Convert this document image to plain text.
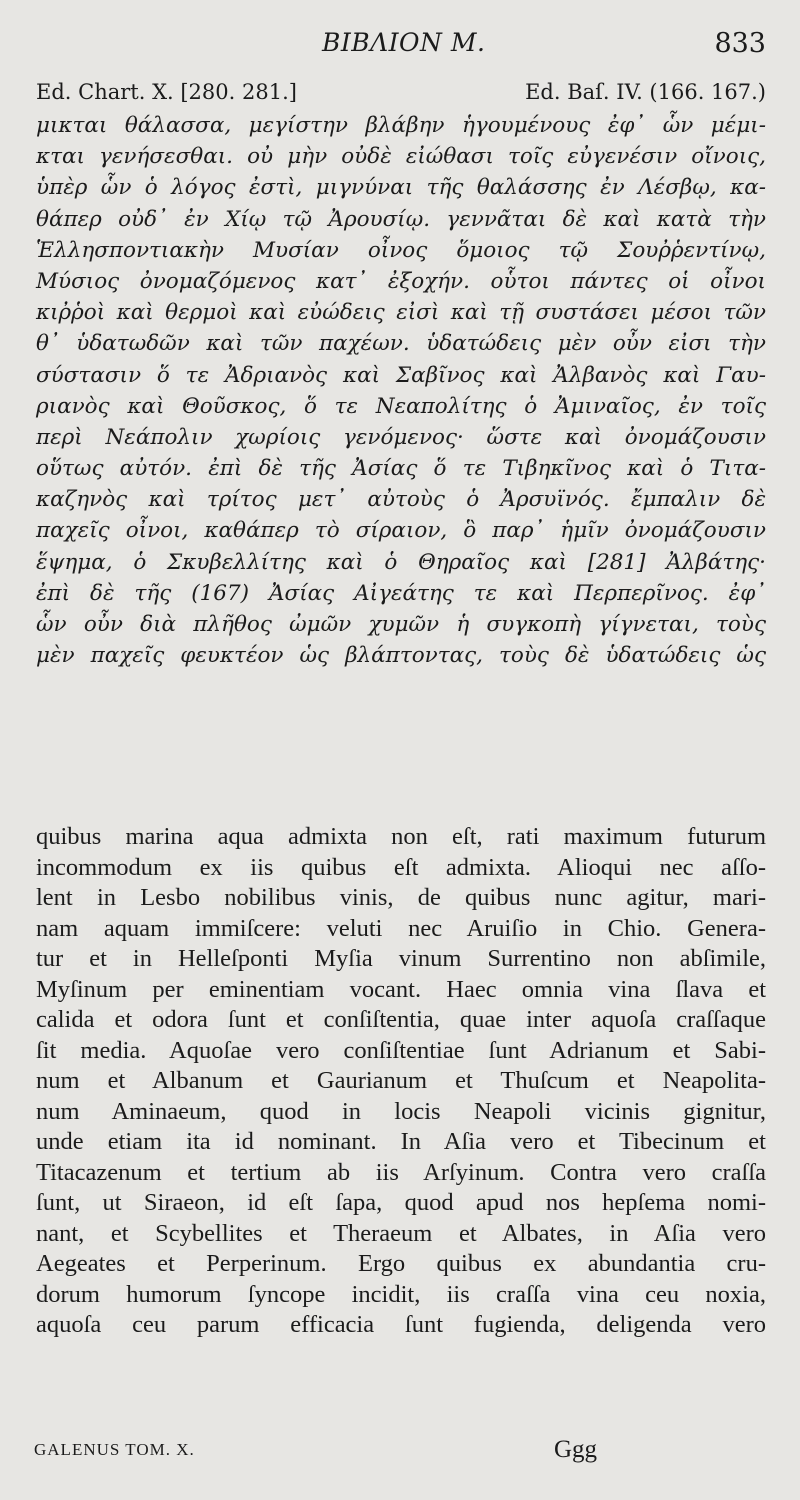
ΒΙΒΛΙΟΝ Μ.	833
Ed. Chart. X. [280. 281.]	Ed. Baſ. IV. (166. 167.)
μικται θάλασσα, μεγίστην βλάβην ἡγουμένους ἐφ᾽ ὧν μέμι-
κται γενήσεσθαι. οὐ μὴν οὐδὲ εἰώθασι τοῖς εὐγενέσιν οἴνοις,
ὑπὲρ ὧν ὁ λόγος ἐστὶ, μιγνύναι τῆς θαλάσσης ἐν Λέσβῳ, κα-
θάπερ οὐδ᾽ ἐν Χίῳ τῷ Ἀρουσίῳ. γεννᾶται δὲ καὶ κατὰ τὴν
Ἑλλησποντιακὴν Μυσίαν οἶνος ὅμοιος τῷ Σουῤῥεντίνῳ,
Μύσιος ὀνομαζόμενος κατ᾽ ἐξοχήν. οὗτοι πάντες οἱ οἶνοι
κιῤῥοὶ καὶ θερμοὶ καὶ εὐώδεις εἰσὶ καὶ τῇ συστάσει μέσοι τῶν
θ᾽ ὑδατωδῶν καὶ τῶν παχέων. ὑδατώδεις μὲν οὖν εἰσι τὴν
σύστασιν ὅ τε Ἀδριανὸς καὶ Σαβῖνος καὶ Ἀλβανὸς καὶ Γαυ-
ριανὸς καὶ Θοῦσκος, ὅ τε Νεαπολίτης ὁ Ἀμιναῖος, ἐν τοῖς
περὶ Νεάπολιν χωρίοις γενόμενος· ὥστε καὶ ὀνομάζουσιν
οὕτως αὐτόν. ἐπὶ δὲ τῆς Ἀσίας ὅ τε Τιβηκῖνος καὶ ὁ Τιτα-
καζηνὸς καὶ τρίτος μετ᾽ αὐτοὺς ὁ Ἀρσυϊνός. ἔμπαλιν δὲ
παχεῖς οἶνοι, καθάπερ τὸ σίραιον, ὃ παρ᾽ ἡμῖν ὀνομάζουσιν
ἕψημα, ὁ Σκυβελλίτης καὶ ὁ Θηραῖος καὶ [281] Ἀλβάτης·
ἐπὶ δὲ τῆς (167) Ἀσίας Αἰγεάτης τε καὶ Περπερῖνος. ἐφ᾽
ὧν οὖν διὰ πλῆθος ὠμῶν χυμῶν ἡ συγκοπὴ γίγνεται, τοὺς
μὲν παχεῖς φευκτέον ὡς βλάπτοντας, τοὺς δὲ ὑδατώδεις ὡς
quibus marina aqua admixta non eſt, rati maximum futurum
incommodum ex iis quibus eſt admixta. Alioqui nec aſſo-
lent in Lesbo nobilibus vinis, de quibus nunc agitur, mari-
nam aquam immiſcere: veluti nec Aruiſio in Chio. Genera-
tur et in Helleſponti Myſia vinum Surrentino non abſimile,
Myſinum per eminentiam vocant. Haec omnia vina ſlava et
calida et odora ſunt et conſiſtentia, quae inter aquoſa craſſaque
ſit media. Aquoſae vero conſiſtentiae ſunt Adrianum et Sabi-
num et Albanum et Gaurianum et Thuſcum et Neapolita-
num Aminaeum, quod in locis Neapoli vicinis gignitur,
unde etiam ita id nominant. In Aſia vero et Tibecinum et
Titacazenum et tertium ab iis Arſyinum. Contra vero craſſa
ſunt, ut Siraeon, id eſt ſapa, quod apud nos hepſema nomi-
nant, et Scybellites et Theraeum et Albates, in Aſia vero
Aegeates et Perperinum. Ergo quibus ex abundantia cru-
dorum humorum ſyncope incidit, iis craſſa vina ceu noxia,
aquoſa ceu parum efficacia ſunt fugienda, deligenda vero
GALENUS TOM. X.	Ggg
